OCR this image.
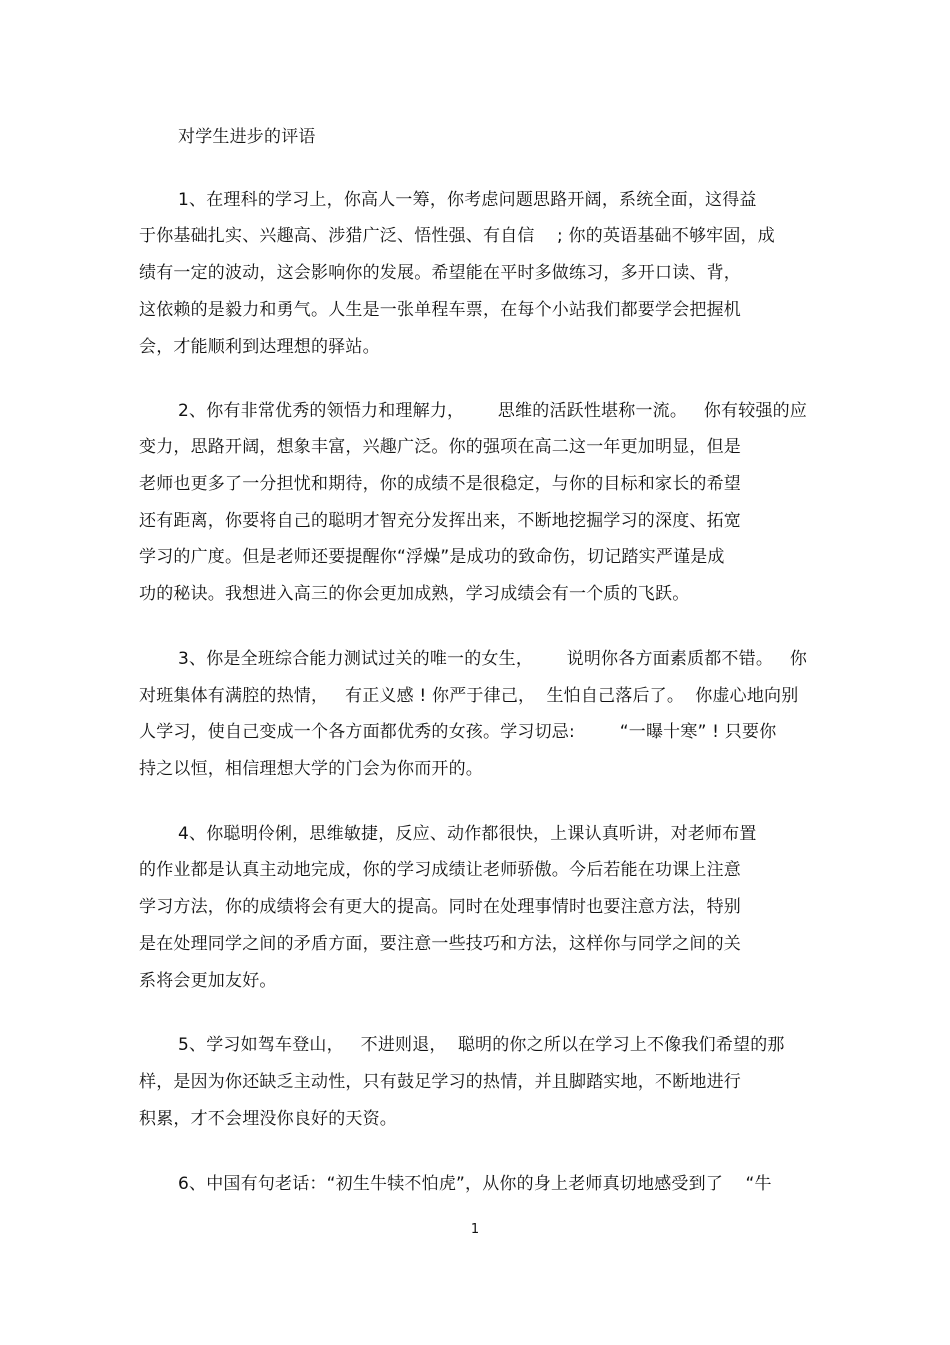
对学生进步的评语
1、在理科的学习上，你高人一筹，你考虑问题思路开阔，系统全面，这得益
于你基础扎实、兴趣高、涉猎广泛、悟性强、有自信    ; 你的英语基础不够牢固，成
绩有一定的波动，这会影响你的发展。希望能在平时多做练习，多开口读、背，
这依赖的是毅力和勇气。人生是一张单程车票，在每个小站我们都要学会把握机
会，才能顺利到达理想的驿站。
2、你有非常优秀的领悟力和理解力，      思维的活跃性堪称一流。   你有较强的应
变力，思路开阔，想象丰富，兴趣广泛。你的强项在高二这一年更加明显，但是
老师也更多了一分担忧和期待，你的成绩不是很稳定，与你的目标和家长的希望
还有距离，你要将自己的聪明才智充分发挥出来，不断地挖掘学习的深度、拓宽
学习的广度。但是老师还要提醒你“浮燥”是成功的致命伤，切记踏实严谨是成
功的秘诀。我想进入高三的你会更加成熟，学习成绩会有一个质的飞跃。
3、你是全班综合能力测试过关的唯一的女生，      说明你各方面素质都不错。   你
对班集体有满腔的热情，   有正义感 ! 你严于律己，  生怕自己落后了。  你虚心地向别
人学习，使自己变成一个各方面都优秀的女孩。学习切忌:        “一曝十寒” ! 只要你
持之以恒，相信理想大学的门会为你而开的。
4、你聪明伶俐，思维敏捷，反应、动作都很快，上课认真听讲，对老师布置
的作业都是认真主动地完成，你的学习成绩让老师骄傲。今后若能在功课上注意
学习方法，你的成绩将会有更大的提高。同时在处理事情时也要注意方法，特别
是在处理同学之间的矛盾方面，要注意一些技巧和方法，这样你与同学之间的关
系将会更加友好。
5、学习如驾车登山，   不进则退，  聪明的你之所以在学习上不像我们希望的那
样，是因为你还缺乏主动性，只有鼓足学习的热情，并且脚踏实地，不断地进行
积累，才不会埋没你良好的天资。
6、中国有句老话：“初生牛犊不怕虎”，从你的身上老师真切地感受到了    “牛
1
